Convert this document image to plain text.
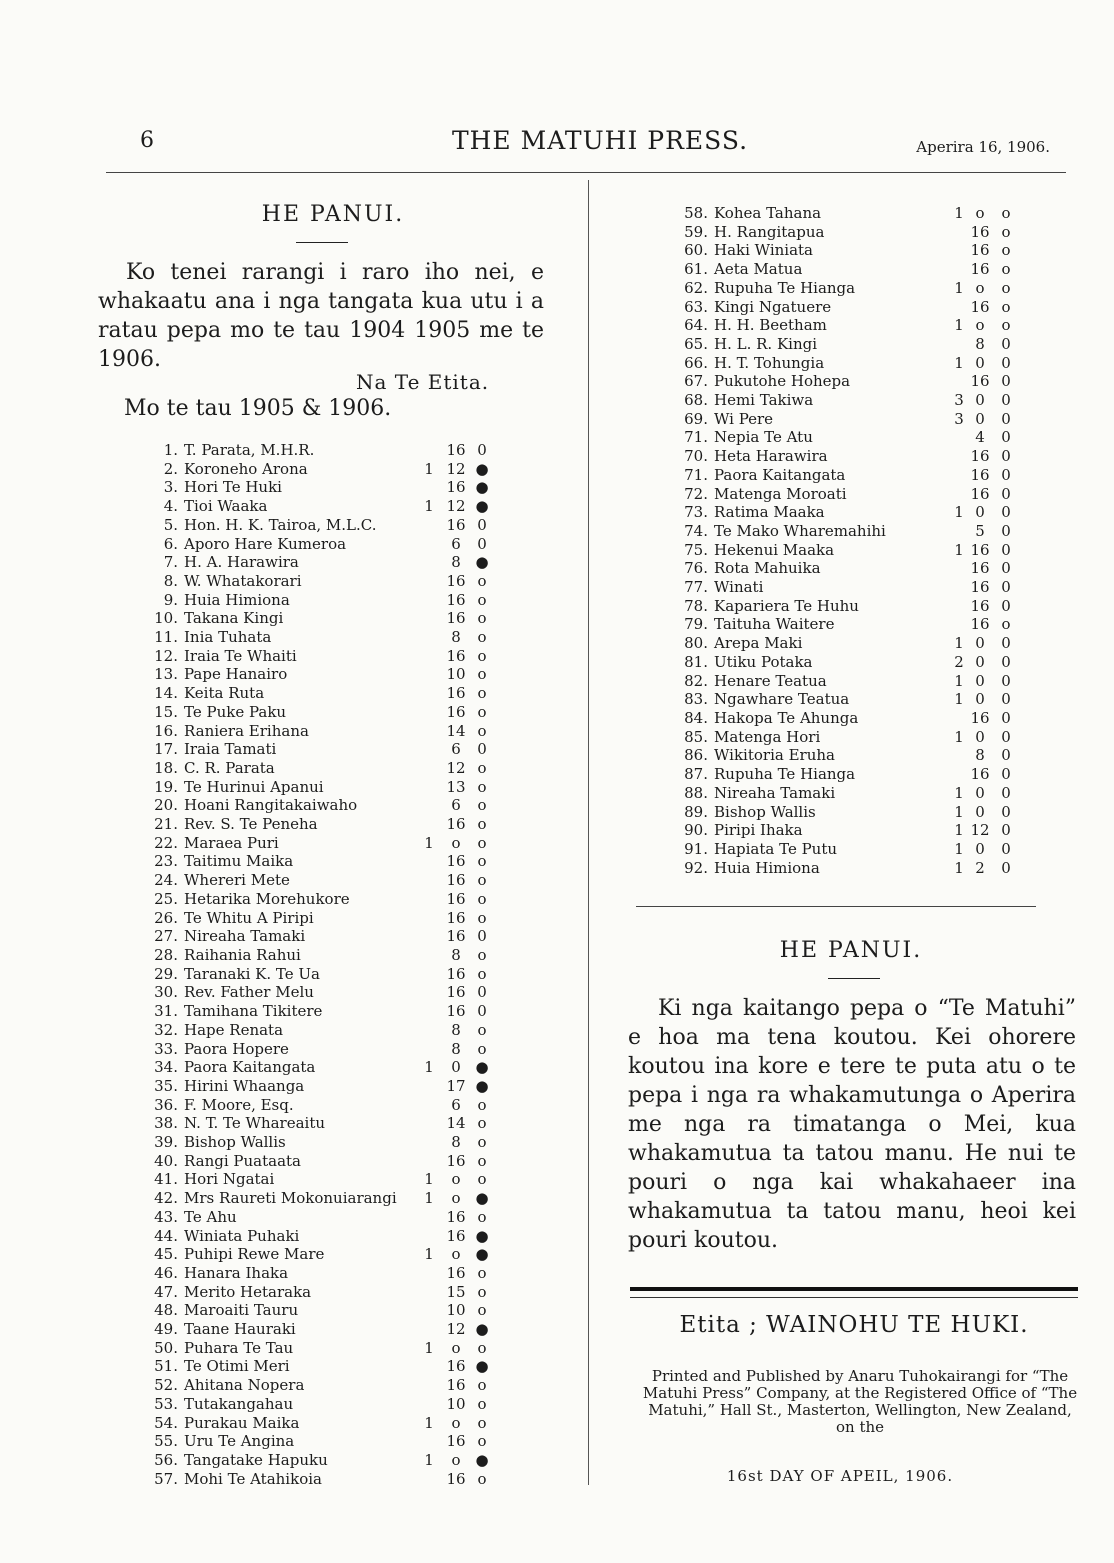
6	THE MATUHI PRESS.	Aperira 16, 1906.
HE PANUI.

Ko tenei rarangi i raro iho nei, e whakaatu ana i nga tangata kua utu i a ratau pepa mo te tau 1904 1905 me te 1906.

Na Te Etita.
Mo te tau 1905 & 1906.
1.	T. Parata, M.H.R.		16	0
2.	Koroneho Arona	1	12	●
3.	Hori Te Huki		16	●
4.	Tioi Waaka	1	12	●
5.	Hon. H. K. Tairoa, M.L.C.		16	0
6.	Aporo Hare Kumeroa		6	0
7.	H. A. Harawira		8	●
8.	W. Whatakorari		16	o
9.	Huia Himiona		16	o
10.	Takana Kingi		16	o
11.	Inia Tuhata		8	o
12.	Iraia Te Whaiti		16	o
13.	Pape Hanairo		10	o
14.	Keita Ruta		16	o
15.	Te Puke Paku		16	o
16.	Raniera Erihana		14	o
17.	Iraia Tamati		6	0
18.	C. R. Parata		12	o
19.	Te Hurinui Apanui		13	o
20.	Hoani Rangitakaiwaho		6	o
21.	Rev. S. Te Peneha		16	o
22.	Maraea Puri	1	o	o
23.	Taitimu Maika		16	o
24.	Whereri Mete		16	o
25.	Hetarika Morehukore		16	o
26.	Te Whitu A Piripi		16	o
27.	Nireaha Tamaki		16	0
28.	Raihania Rahui		8	o
29.	Taranaki K. Te Ua		16	o
30.	Rev. Father Melu		16	0
31.	Tamihana Tikitere		16	0
32.	Hape Renata		8	o
33.	Paora Hopere		8	o
34.	Paora Kaitangata	1	0	●
35.	Hirini Whaanga		17	●
36.	F. Moore, Esq.		6	o
38.	N. T. Te Whareaitu		14	o
39.	Bishop Wallis		8	o
40.	Rangi Puataata		16	o
41.	Hori Ngatai	1	o	o
42.	Mrs Raureti Mokonuiarangi	1	o	●
43.	Te Ahu		16	o
44.	Winiata Puhaki		16	●
45.	Puhipi Rewe Mare	1	o	●
46.	Hanara Ihaka		16	o
47.	Merito Hetaraka		15	o
48.	Maroaiti Tauru		10	o
49.	Taane Hauraki		12	●
50.	Puhara Te Tau	1	o	o
51.	Te Otimi Meri		16	●
52.	Ahitana Nopera		16	o
53.	Tutakangahau		10	o
54.	Purakau Maika	1	o	o
55.	Uru Te Angina		16	o
56.	Tangatake Hapuku	1	o	●
57.	Mohi Te Atahikoia		16	o
58.	Kohea Tahana	1	o	o
59.	H. Rangitapua		16	o
60.	Haki Winiata		16	o
61.	Aeta Matua		16	o
62.	Rupuha Te Hianga	1	o	o
63.	Kingi Ngatuere		16	o
64.	H. H. Beetham	1	o	o
65.	H. L. R. Kingi		8	0
66.	H. T. Tohungia	1	0	0
67.	Pukutohe Hohepa		16	0
68.	Hemi Takiwa	3	0	0
69.	Wi Pere	3	0	0
71.	Nepia Te Atu		4	0
70.	Heta Harawira		16	0
71.	Paora Kaitangata		16	0
72.	Matenga Moroati		16	0
73.	Ratima Maaka	1	0	0
74.	Te Mako Wharemahihi		5	0
75.	Hekenui Maaka	1	16	0
76.	Rota Mahuika		16	0
77.	Winati		16	0
78.	Kapariera Te Huhu		16	0
79.	Taituha Waitere		16	o
80.	Arepa Maki	1	0	0
81.	Utiku Potaka	2	0	0
82.	Henare Teatua	1	0	0
83.	Ngawhare Teatua	1	0	0
84.	Hakopa Te Ahunga		16	0
85.	Matenga Hori	1	0	0
86.	Wikitoria Eruha		8	0
87.	Rupuha Te Hianga		16	0
88.	Nireaha Tamaki	1	0	0
89.	Bishop Wallis	1	0	0
90.	Piripi Ihaka	1	12	0
91.	Hapiata Te Putu	1	0	0
92.	Huia Himiona	1	2	0
HE PANUI.

Ki nga kaitango pepa o “Te Matuhi” e hoa ma tena koutou. Kei ohorere koutou ina kore e tere te puta atu o te pepa i nga ra whakamutunga o Aperira me nga ra timatanga o Mei, kua whakamutua ta tatou manu. He nui te pouri o nga kai whakahaeer ina whakamutua ta tatou manu, heoi kei pouri koutou.

Etita ; WAINOHU TE HUKI.

Printed and Published by Anaru Tuhokairangi for “The Matuhi Press” Company, at the Registered Office of “The Matuhi,” Hall St., Masterton, Wellington, New Zealand, on the

16st DAY OF APEIL, 1906.
